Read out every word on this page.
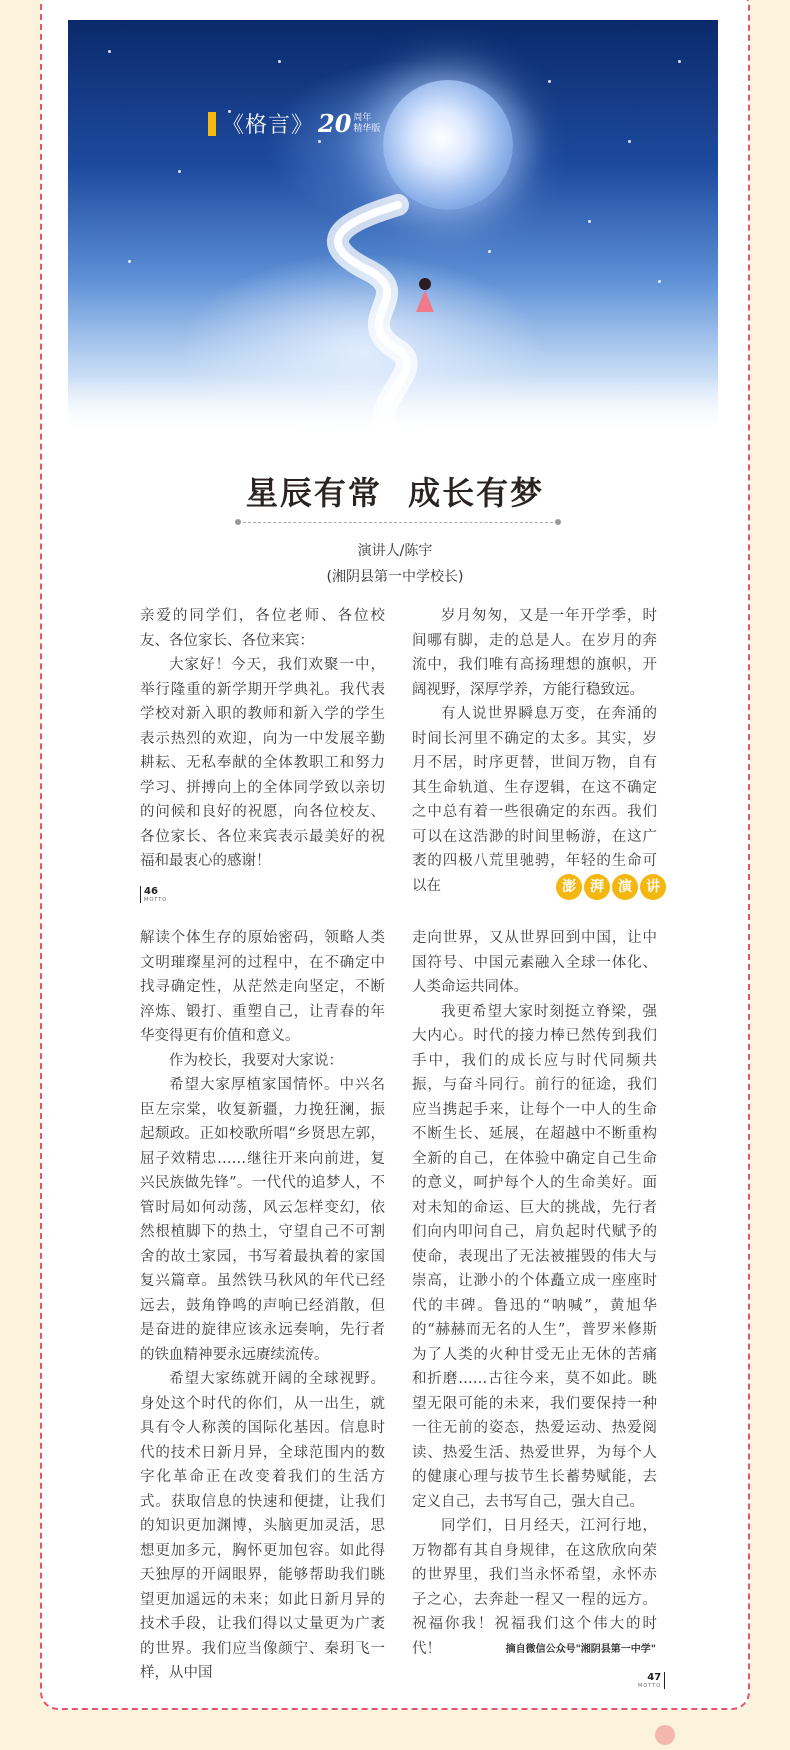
《格言》 20 周年
精华版
星辰有常  成长有梦
演讲人/陈宇
(湘阴县第一中学校长)

亲爱的同学们，各位老师、各位校友、各位家长、各位来宾：

大家好！今天，我们欢聚一中，举行隆重的新学期开学典礼。我代表学校对新入职的教师和新入学的学生表示热烈的欢迎，向为一中发展辛勤耕耘、无私奉献的全体教职工和努力学习、拼搏向上的全体同学致以亲切的问候和良好的祝愿，向各位校友、各位家长、各位来宾表示最美好的祝福和最衷心的感谢！

岁月匆匆，又是一年开学季，时间哪有脚，走的总是人。在岁月的奔流中，我们唯有高扬理想的旗帜，开阔视野，深厚学养，方能行稳致远。

有人说世界瞬息万变，在奔涌的时间长河里不确定的太多。其实，岁月不居，时序更替，世间万物，自有其生命轨道、生存逻辑，在这不确定之中总有着一些很确定的东西。我们可以在这浩渺的时间里畅游，在这广袤的四极八荒里驰骋，年轻的生命可以在

46
MOTTO
澎	湃	演	讲

解读个体生存的原始密码，领略人类文明璀璨星河的过程中，在不确定中找寻确定性，从茫然走向坚定，不断淬炼、锻打、重塑自己，让青春的年华变得更有价值和意义。

作为校长，我要对大家说：

希望大家厚植家国情怀。中兴名臣左宗棠，收复新疆，力挽狂澜，振起颓政。正如校歌所唱“乡贤思左郭，屈子效精忠……继往开来向前进，复兴民族做先锋”。一代代的追梦人，不管时局如何动荡，风云怎样变幻，依然根植脚下的热土，守望自己不可割舍的故土家园，书写着最执着的家国复兴篇章。虽然铁马秋风的年代已经远去，鼓角铮鸣的声响已经消散，但是奋进的旋律应该永远奏响，先行者的铁血精神要永远赓续流传。

希望大家练就开阔的全球视野。身处这个时代的你们，从一出生，就具有令人称羡的国际化基因。信息时代的技术日新月异，全球范围内的数字化革命正在改变着我们的生活方式。获取信息的快速和便捷，让我们的知识更加渊博，头脑更加灵活，思想更加多元，胸怀更加包容。如此得天独厚的开阔眼界，能够帮助我们眺望更加遥远的未来；如此日新月异的技术手段，让我们得以丈量更为广袤的世界。我们应当像颜宁、秦玥飞一样，从中国

走向世界，又从世界回到中国，让中国符号、中国元素融入全球一体化、人类命运共同体。

我更希望大家时刻挺立脊梁，强大内心。时代的接力棒已然传到我们手中，我们的成长应与时代同频共振，与奋斗同行。前行的征途，我们应当携起手来，让每个一中人的生命不断生长、延展，在超越中不断重构全新的自己，在体验中确定自己生命的意义，呵护每个人的生命美好。面对未知的命运、巨大的挑战，先行者们向内叩问自己，肩负起时代赋予的使命，表现出了无法被摧毁的伟大与崇高，让渺小的个体矗立成一座座时代的丰碑。鲁迅的“呐喊”，黄旭华的“赫赫而无名的人生”，普罗米修斯为了人类的火种甘受无止无休的苦痛和折磨……古往今来，莫不如此。眺望无限可能的未来，我们要保持一种一往无前的姿态，热爱运动、热爱阅读、热爱生活、热爱世界，为每个人的健康心理与拔节生长蓄势赋能，去定义自己，去书写自己，强大自己。

同学们，日月经天，江河行地，万物都有其自身规律，在这欣欣向荣的世界里，我们当永怀希望，永怀赤子之心，去奔赴一程又一程的远方。祝福你我！祝福我们这个伟大的时代！	摘自微信公众号"湘阴县第一中学"
47
MOTTO
